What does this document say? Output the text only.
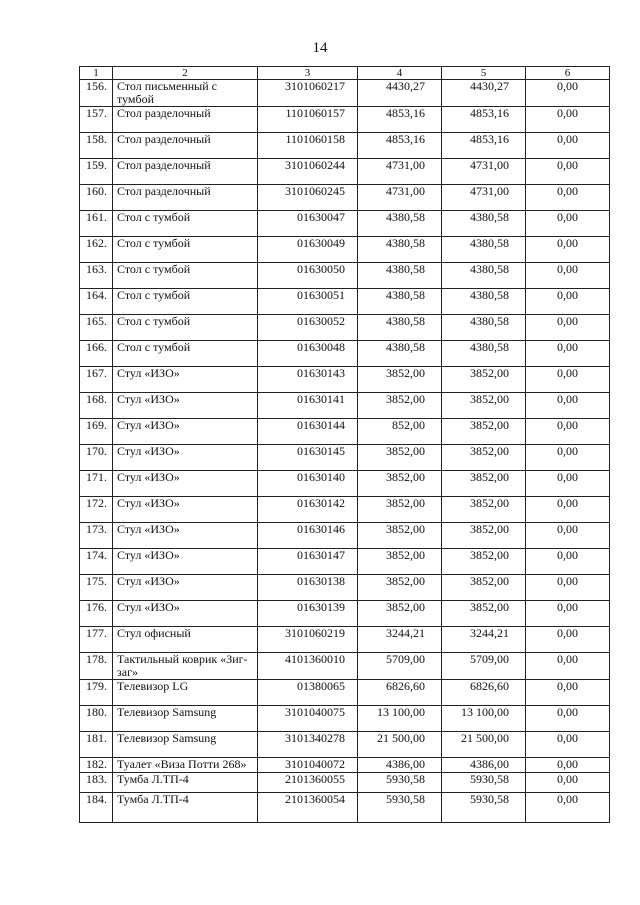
14
1	2	3	4	5	6
156.	Стол письменный с тумбой	3101060217	4430,27	4430,27	0,00
157.	Стол разделочный	1101060157	4853,16	4853,16	0,00
158.	Стол разделочный	1101060158	4853,16	4853,16	0,00
159.	Стол разделочный	3101060244	4731,00	4731,00	0,00
160.	Стол разделочный	3101060245	4731,00	4731,00	0,00
161.	Стол с тумбой	01630047	4380,58	4380,58	0,00
162.	Стол с тумбой	01630049	4380,58	4380,58	0,00
163.	Стол с тумбой	01630050	4380,58	4380,58	0,00
164.	Стол с тумбой	01630051	4380,58	4380,58	0,00
165.	Стол с тумбой	01630052	4380,58	4380,58	0,00
166.	Стол с тумбой	01630048	4380,58	4380,58	0,00
167.	Стул «ИЗО»	01630143	3852,00	3852,00	0,00
168.	Стул «ИЗО»	01630141	3852,00	3852,00	0,00
169.	Стул «ИЗО»	01630144	852,00	3852,00	0,00
170.	Стул «ИЗО»	01630145	3852,00	3852,00	0,00
171.	Стул «ИЗО»	01630140	3852,00	3852,00	0,00
172.	Стул «ИЗО»	01630142	3852,00	3852,00	0,00
173.	Стул «ИЗО»	01630146	3852,00	3852,00	0,00
174.	Стул «ИЗО»	01630147	3852,00	3852,00	0,00
175.	Стул «ИЗО»	01630138	3852,00	3852,00	0,00
176.	Стул «ИЗО»	01630139	3852,00	3852,00	0,00
177.	Стул офисный	3101060219	3244,21	3244,21	0,00
178.	Тактильный коврик «Зиг-заг»	4101360010	5709,00	5709,00	0,00
179.	Телевизор LG	01380065	6826,60	6826,60	0,00
180.	Телевизор Samsung	3101040075	13 100,00	13 100,00	0,00
181.	Телевизор Samsung	3101340278	21 500,00	21 500,00	0,00
182.	Туалет «Виза Потти 268»	3101040072	4386,00	4386,00	0,00
183.	Тумба Л.ТП-4	2101360055	5930,58	5930,58	0,00
184.	Тумба Л.ТП-4	2101360054	5930,58	5930,58	0,00
